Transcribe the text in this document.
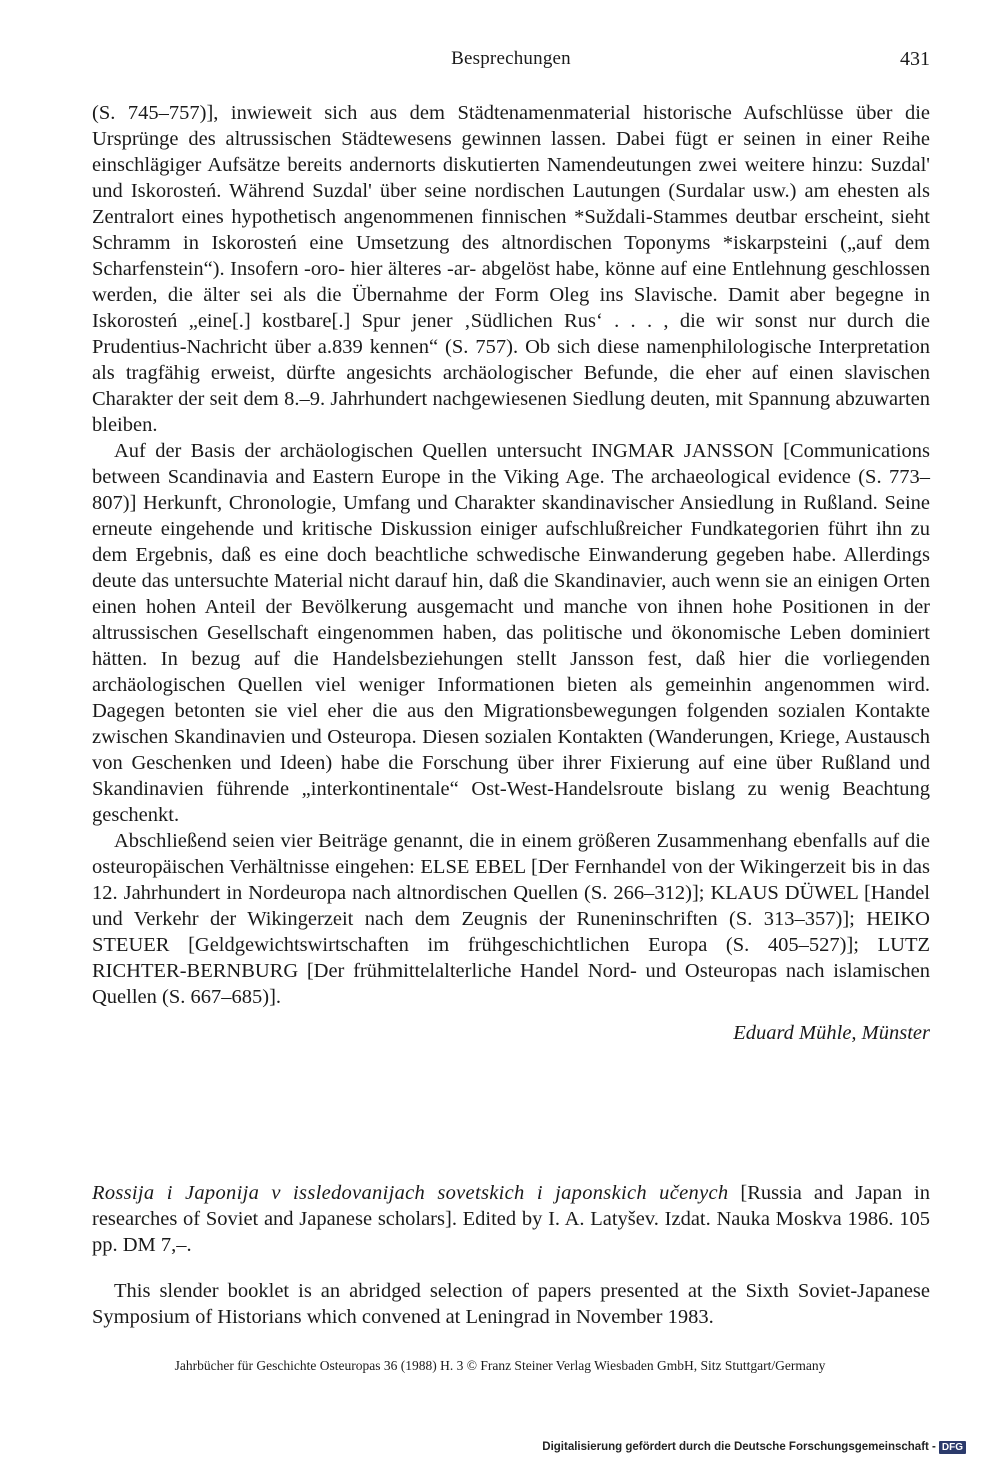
Besprechungen	431

(S. 745–757)], inwieweit sich aus dem Städtenamenmaterial historische Aufschlüsse über die Ursprünge des altrussischen Städtewesens gewinnen lassen. Dabei fügt er seinen in einer Reihe einschlägiger Aufsätze bereits andernorts diskutierten Namendeutungen zwei weitere hinzu: Suzdal' und Iskorosteń. Während Suzdal' über seine nordischen Lautungen (Surdalar usw.) am ehesten als Zentralort eines hypothetisch angenommenen finnischen *Suždali-Stammes deutbar erscheint, sieht Schramm in Iskorosteń eine Umsetzung des altnordischen Toponyms *iskarpsteini („auf dem Scharfenstein“). Insofern -oro- hier älteres -ar- abgelöst habe, könne auf eine Entlehnung geschlossen werden, die älter sei als die Übernahme der Form Oleg ins Slavische. Damit aber begegne in Iskorosteń „eine[.] kostbare[.] Spur jener ‚Südlichen Rus‘ . . . , die wir sonst nur durch die Prudentius-Nachricht über a.839 kennen“ (S. 757). Ob sich diese namenphilologische Interpretation als tragfähig erweist, dürfte angesichts archäologischer Befunde, die eher auf einen slavischen Charakter der seit dem 8.–9. Jahrhundert nachgewiesenen Siedlung deuten, mit Spannung abzuwarten bleiben.

Auf der Basis der archäologischen Quellen untersucht INGMAR JANSSON [Communications between Scandinavia and Eastern Europe in the Viking Age. The archaeological evidence (S. 773–807)] Herkunft, Chronologie, Umfang und Charakter skandinavischer Ansiedlung in Rußland. Seine erneute eingehende und kritische Diskussion einiger aufschlußreicher Fundkategorien führt ihn zu dem Ergebnis, daß es eine doch beachtliche schwedische Einwanderung gegeben habe. Allerdings deute das untersuchte Material nicht darauf hin, daß die Skandinavier, auch wenn sie an einigen Orten einen hohen Anteil der Bevölkerung ausgemacht und manche von ihnen hohe Positionen in der altrussischen Gesellschaft eingenommen haben, das politische und ökonomische Leben dominiert hätten. In bezug auf die Handelsbeziehungen stellt Jansson fest, daß hier die vorliegenden archäologischen Quellen viel weniger Informationen bieten als gemeinhin angenommen wird. Dagegen betonten sie viel eher die aus den Migrationsbewegungen folgenden sozialen Kontakte zwischen Skandinavien und Osteuropa. Diesen sozialen Kontakten (Wanderungen, Kriege, Austausch von Geschenken und Ideen) habe die Forschung über ihrer Fixierung auf eine über Rußland und Skandinavien führende „interkontinentale“ Ost-West-Handelsroute bislang zu wenig Beachtung geschenkt.

Abschließend seien vier Beiträge genannt, die in einem größeren Zusammenhang ebenfalls auf die osteuropäischen Verhältnisse eingehen: ELSE EBEL [Der Fernhandel von der Wikingerzeit bis in das 12. Jahrhundert in Nordeuropa nach altnordischen Quellen (S. 266–312)]; KLAUS DÜWEL [Handel und Verkehr der Wikingerzeit nach dem Zeugnis der Runeninschriften (S. 313–357)]; HEIKO STEUER [Geldgewichtswirtschaften im frühgeschichtlichen Europa (S. 405–527)]; LUTZ RICHTER-BERNBURG [Der frühmittelalterliche Handel Nord- und Osteuropas nach islamischen Quellen (S. 667–685)].

Eduard Mühle, Münster

Rossija i Japonija v issledovanijach sovetskich i japonskich učenych [Russia and Japan in researches of Soviet and Japanese scholars]. Edited by I. A. Latyšev. Izdat. Nauka Moskva 1986. 105 pp. DM 7,–.

This slender booklet is an abridged selection of papers presented at the Sixth Soviet-Japanese Symposium of Historians which convened at Leningrad in November 1983.

Jahrbücher für Geschichte Osteuropas 36 (1988) H. 3 © Franz Steiner Verlag Wiesbaden GmbH, Sitz Stuttgart/Germany
Digitalisierung gefördert durch die Deutsche Forschungsgemeinschaft - DFG
